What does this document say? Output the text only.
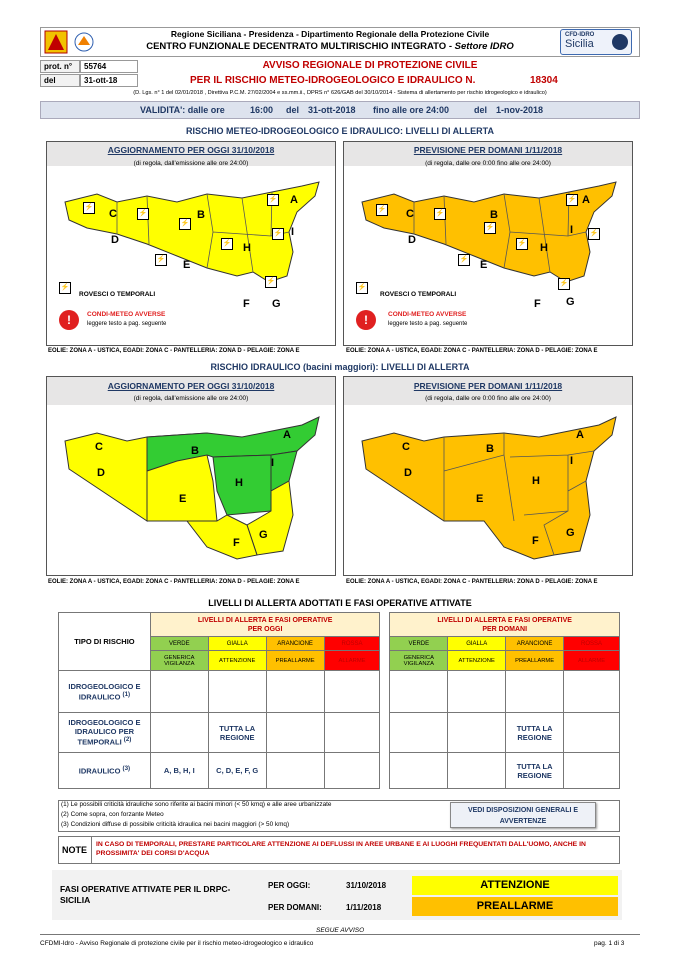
Regione Siciliana - Presidenza - Dipartimento Regionale della Protezione Civile
CENTRO FUNZIONALE DECENTRATO MULTIRISCHIO INTEGRATO - Settore IDRO
CFD-IDRO
Sicilia
prot. n°	55764
del	31-ott-18
AVVISO REGIONALE DI PROTEZIONE CIVILE
PER IL RISCHIO METEO-IDROGEOLOGICO E IDRAULICO N.	18304
(D. Lgs. n° 1 del 02/01/2018 , Direttiva P.C.M. 27/02/2004 e ss.mm.ii., DPRS n° 626/GAB del 30/10/2014 - Sistema di allertamento per rischio idrogeologico e idraulico)
VALIDITA': dalle ore	16:00 del 31-ott-2018 fino alle ore 24:00	del 1-nov-2018
RISCHIO METEO-IDROGEOLOGICO E IDRAULICO: LIVELLI DI ALLERTA
AGGIORNAMENTO PER OGGI 31/10/2018
(di regola, dall'emissione alle ore 24:00)
C
D
B
E
H
A
I
F G
⚡
⚡
⚡
⚡
⚡
⚡
⚡
⚡
⚡
ROVESCI O TEMPORALI
!	CONDI-METEO AVVERSE
leggere testo a pag. seguente
PREVISIONE PER DOMANI 1/11/2018
(di regola, dalle ore 0:00 fino alle ore 24:00)
C
D
B
E
H
A
I
F G
⚡
⚡
⚡
⚡
⚡
⚡
⚡
⚡
⚡
ROVESCI O TEMPORALI
!	CONDI-METEO AVVERSE
leggere testo a pag. seguente
EOLIE: ZONA A - USTICA, EGADI: ZONA C - PANTELLERIA: ZONA D - PELAGIE: ZONA E	EOLIE: ZONA A - USTICA, EGADI: ZONA C - PANTELLERIA: ZONA D - PELAGIE: ZONA E
RISCHIO IDRAULICO (bacini maggiori): LIVELLI DI ALLERTA
AGGIORNAMENTO PER OGGI 31/10/2018
(di regola, dall'emissione alle ore 24:00)
C
D
B
E
H
A
I
F
G
PREVISIONE PER DOMANI 1/11/2018
(di regola, dalle ore 0:00 fino alle ore 24:00)
C
D
B
E
H
A
I
F
G
EOLIE: ZONA A - USTICA, EGADI: ZONA C - PANTELLERIA: ZONA D - PELAGIE: ZONA E	EOLIE: ZONA A - USTICA, EGADI: ZONA C - PANTELLERIA: ZONA D - PELAGIE: ZONA E
LIVELLI DI ALLERTA ADOTTATI E FASI OPERATIVE ATTIVATE
TIPO DI RISCHIO	LIVELLI DI ALLERTA E FASI OPERATIVE
PER OGGI					LIVELLI DI ALLERTA E FASI OPERATIVE
PER DOMANI			
	VERDE	GIALLA	ARANCIONE	ROSSA		VERDE	GIALLA	ARANCIONE	ROSSA
	GENERICA VIGILANZA	ATTENZIONE	PREALLARME	ALLARME		GENERICA VIGILANZA	ATTENZIONE	PREALLARME	ALLARME
IDROGEOLOGICO E IDRAULICO $^{(1)}$								
IDROGEOLOGICO E IDRAULICO PER TEMPORALI $^{(2)}$		TUTTA LA REGIONE						TUTTA LA REGIONE	
IDRAULICO $^{(3)}$	A, B, H, I	C, D, E, F, G						TUTTA LA REGIONE	
(1) Le possibili criticità idrauliche sono riferite ai bacini minori (< 50 kmq) e alle aree urbanizzate
(2) Come sopra, con forzante Meteo
(3) Condizioni diffuse di possibile criticità idraulica nei bacini maggiori (> 50 kmq)
VEDI DISPOSIZIONI GENERALI E AVVERTENZE
NOTE
IN CASO DI TEMPORALI, PRESTARE PARTICOLARE ATTENZIONE AI DEFLUSSI IN AREE URBANE E AI LUOGHI FREQUENTATI DALL'UOMO, ANCHE IN PROSSIMITA' DEI CORSI D'ACQUA
FASI OPERATIVE ATTIVATE PER IL DRPC-SICILIA
PER OGGI:	31/10/2018	ATTENZIONE
PER DOMANI:	1/11/2018	PREALLARME
SEGUE AVVISO
CFDMI-Idro - Avviso Regionale di protezione civile per il rischio meteo-idrogeologico e idraulico	pag. 1 di 3
